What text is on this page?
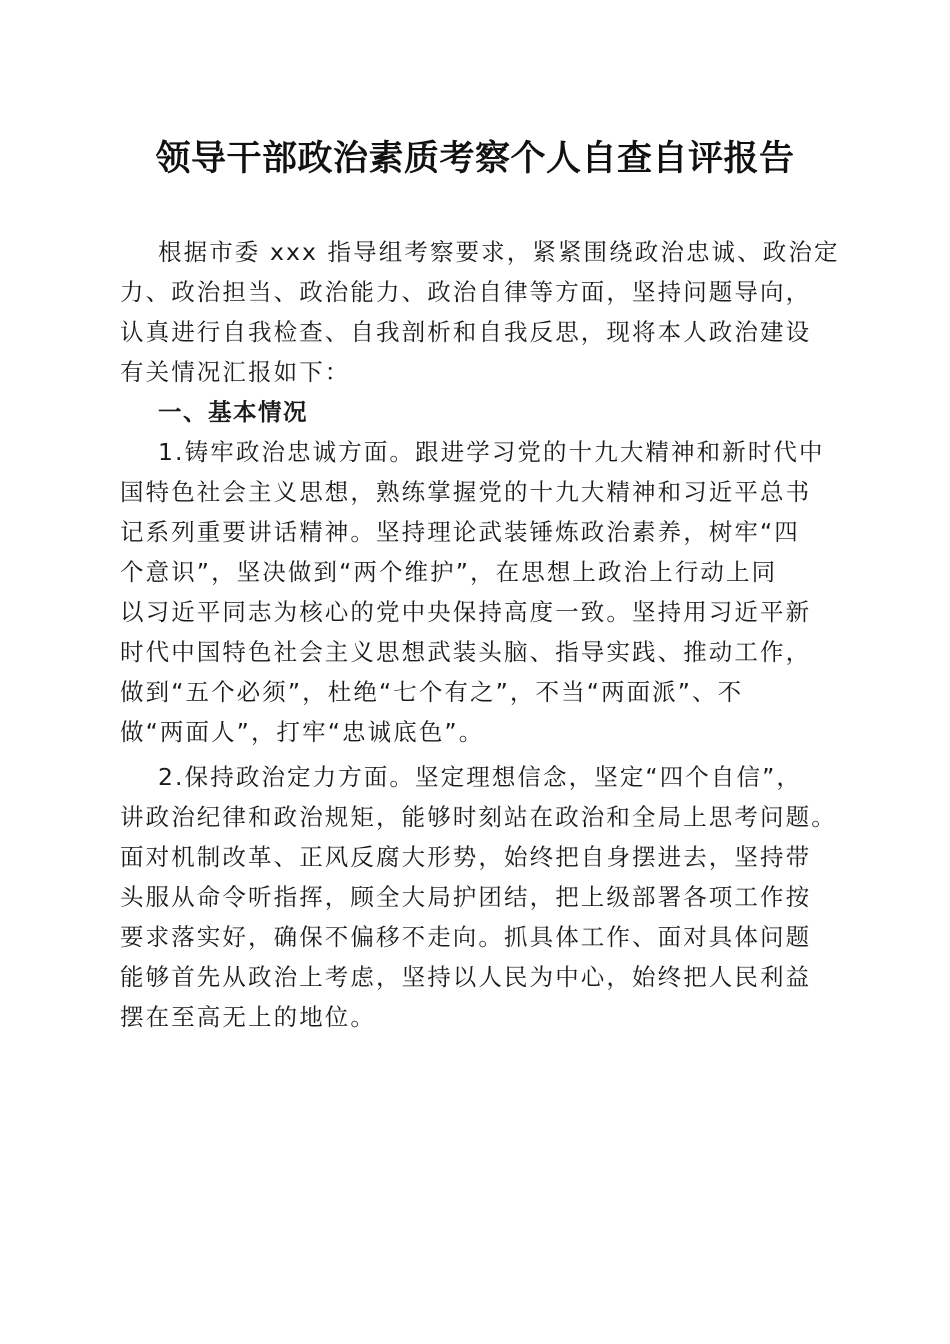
领导干部政治素质考察个人自查自评报告
根据市委 xxx 指导组考察要求，紧紧围绕政治忠诚、政治定
力、政治担当、政治能力、政治自律等方面，坚持问题导向，
认真进行自我检查、自我剖析和自我反思，现将本人政治建设
有关情况汇报如下：
一、基本情况
1.铸牢政治忠诚方面。跟进学习党的十九大精神和新时代中
国特色社会主义思想，熟练掌握党的十九大精神和习近平总书
记系列重要讲话精神。坚持理论武装锤炼政治素养，树牢“四
个意识”，坚决做到“两个维护”，在思想上政治上行动上同
以习近平同志为核心的党中央保持高度一致。坚持用习近平新
时代中国特色社会主义思想武装头脑、指导实践、推动工作，
做到“五个必须”，杜绝“七个有之”，不当“两面派”、不
做“两面人”，打牢“忠诚底色”。
2.保持政治定力方面。坚定理想信念，坚定“四个自信”，
讲政治纪律和政治规矩，能够时刻站在政治和全局上思考问题。
面对机制改革、正风反腐大形势，始终把自身摆进去，坚持带
头服从命令听指挥，顾全大局护团结，把上级部署各项工作按
要求落实好，确保不偏移不走向。抓具体工作、面对具体问题
能够首先从政治上考虑，坚持以人民为中心，始终把人民利益
摆在至高无上的地位。
